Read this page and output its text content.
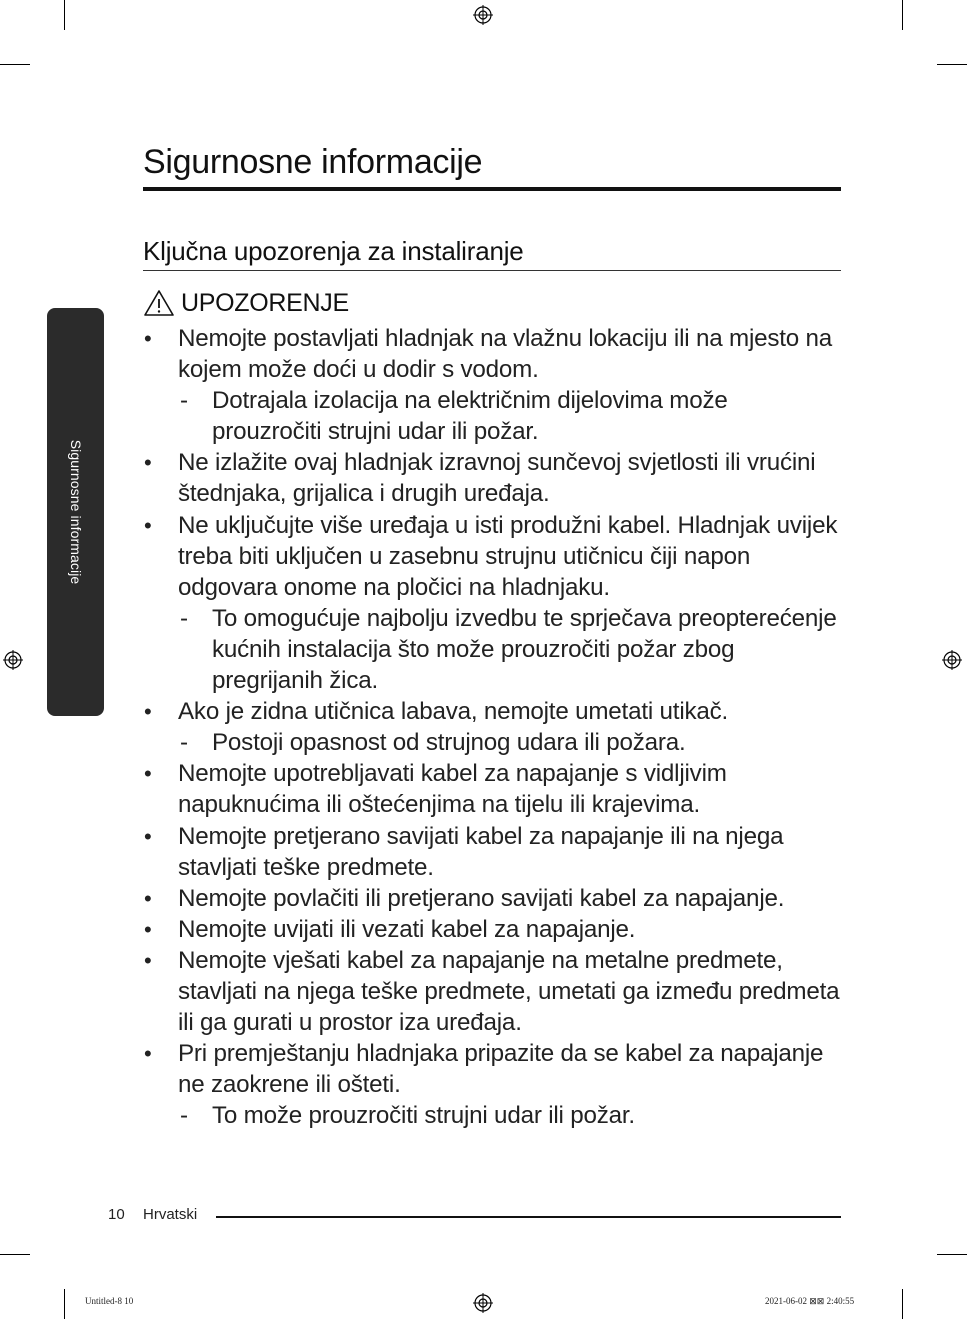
Sigurnosne informacije
Sigurnosne informacije
Ključna upozorenja za instaliranje
UPOZORENJE
• Nemojte postavljati hladnjak na vlažnu lokaciju ili na mjesto na kojem može doći u dodir s vodom.
- Dotrajala izolacija na električnim dijelovima može prouzročiti strujni udar ili požar.
• Ne izlažite ovaj hladnjak izravnoj sunčevoj svjetlosti ili vrućini štednjaka, grijalica i drugih uređaja.
• Ne uključujte više uređaja u isti produžni kabel. Hladnjak uvijek treba biti uključen u zasebnu strujnu utičnicu čiji napon odgovara onome na pločici na hladnjaku.
- To omogućuje najbolju izvedbu te sprječava preopterećenje kućnih instalacija što može prouzročiti požar zbog pregrijanih žica.
• Ako je zidna utičnica labava, nemojte umetati utikač.
- Postoji opasnost od strujnog udara ili požara.
• Nemojte upotrebljavati kabel za napajanje s vidljivim napuknućima ili oštećenjima na tijelu ili krajevima.
• Nemojte pretjerano savijati kabel za napajanje ili na njega stavljati teške predmete.
• Nemojte povlačiti ili pretjerano savijati kabel za napajanje.
• Nemojte uvijati ili vezati kabel za napajanje.
• Nemojte vješati kabel za napajanje na metalne predmete, stavljati na njega teške predmete, umetati ga između predmeta ili ga gurati u prostor iza uređaja.
• Pri premještanju hladnjaka pripazite da se kabel za napajanje ne zaokrene ili ošteti.
- To može prouzročiti strujni udar ili požar.
10 Hrvatski
Untitled-8 10	2021-06-02 ⊠⊠ 2:40:55
